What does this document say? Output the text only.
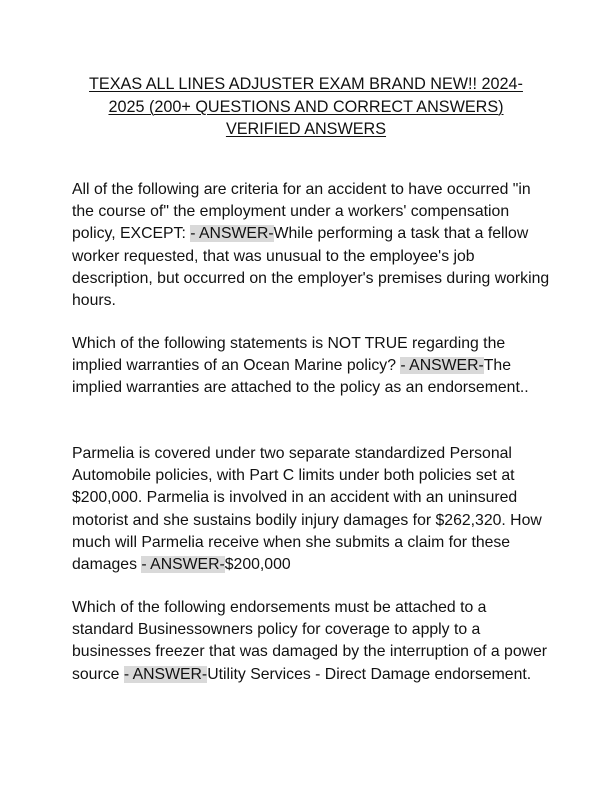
TEXAS ALL LINES ADJUSTER EXAM BRAND NEW!! 2024-2025 (200+ QUESTIONS AND CORRECT ANSWERS) VERIFIED ANSWERS

All of the following are criteria for an accident to have occurred "in the course of" the employment under a workers' compensation policy, EXCEPT: - ANSWER-While performing a task that a fellow worker requested, that was unusual to the employee's job description, but occurred on the employer's premises during working hours.

Which of the following statements is NOT TRUE regarding the implied warranties of an Ocean Marine policy? - ANSWER-The implied warranties are attached to the policy as an endorsement..

Parmelia is covered under two separate standardized Personal Automobile policies, with Part C limits under both policies set at $200,000. Parmelia is involved in an accident with an uninsured motorist and she sustains bodily injury damages for $262,320. How much will Parmelia receive when she submits a claim for these damages - ANSWER-$200,000

Which of the following endorsements must be attached to a standard Businessowners policy for coverage to apply to a businesses freezer that was damaged by the interruption of a power source - ANSWER-Utility Services - Direct Damage endorsement.
